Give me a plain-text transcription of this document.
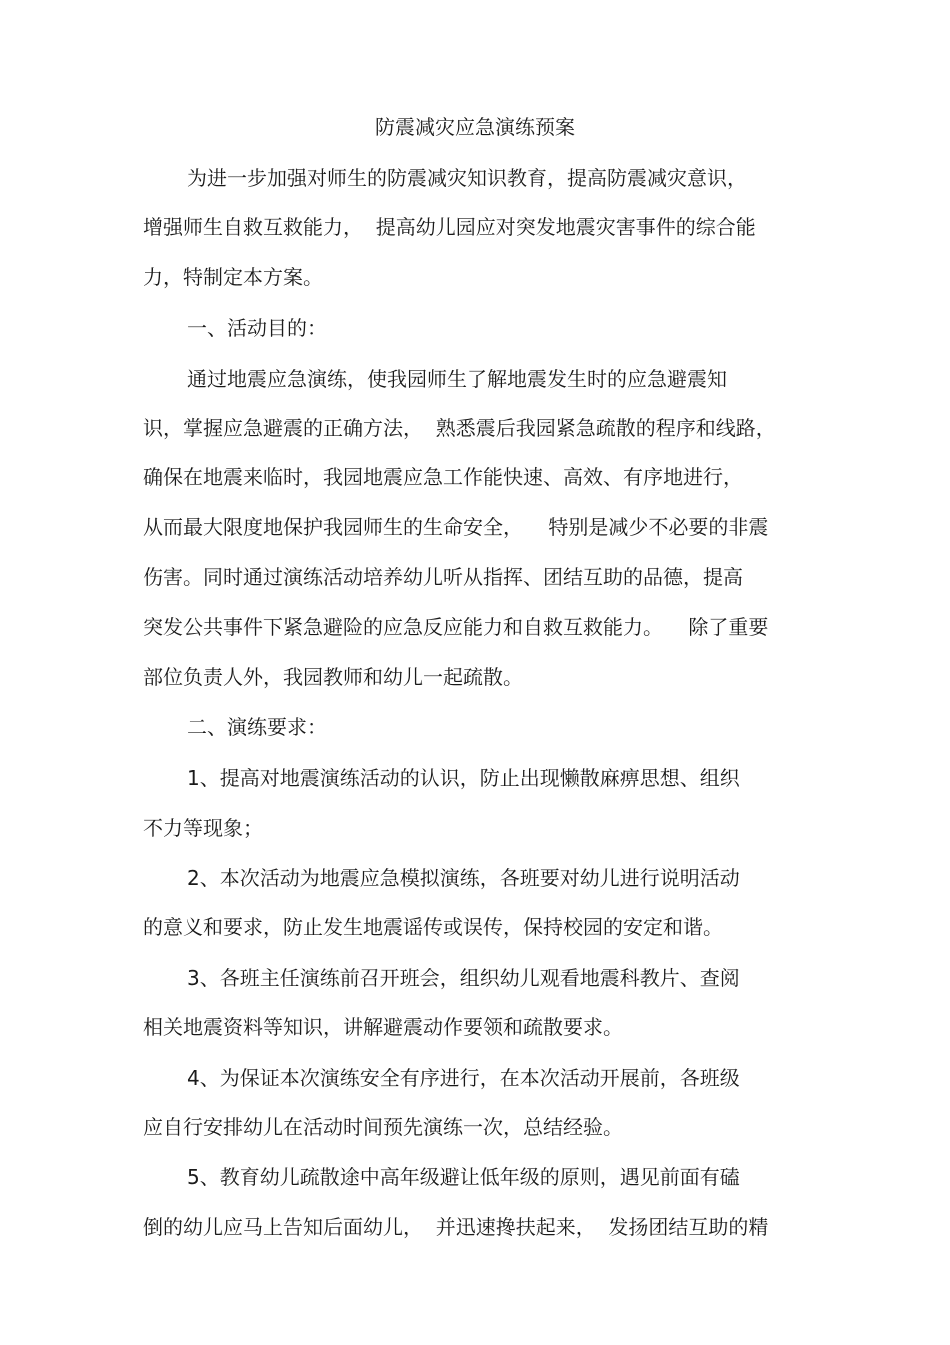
防震减灾应急演练预案
为进一步加强对师生的防震减灾知识教育，提高防震减灾意识，
增强师生自救互救能力，  提高幼儿园应对突发地震灾害事件的综合能
力，特制定本方案。
一、活动目的：
通过地震应急演练，使我园师生了解地震发生时的应急避震知
识，掌握应急避震的正确方法，  熟悉震后我园紧急疏散的程序和线路，
确保在地震来临时，我园地震应急工作能快速、高效、有序地进行，
从而最大限度地保护我园师生的生命安全，    特别是减少不必要的非震
伤害。同时通过演练活动培养幼儿听从指挥、团结互助的品德，提高
突发公共事件下紧急避险的应急反应能力和自救互救能力。    除了重要
部位负责人外，我园教师和幼儿一起疏散。
二、演练要求：
1、提高对地震演练活动的认识，防止出现懒散麻痹思想、组织
不力等现象；
2、本次活动为地震应急模拟演练，各班要对幼儿进行说明活动
的意义和要求，防止发生地震谣传或误传，保持校园的安定和谐。
3、各班主任演练前召开班会，组织幼儿观看地震科教片、查阅
相关地震资料等知识，讲解避震动作要领和疏散要求。
4、为保证本次演练安全有序进行，在本次活动开展前，各班级
应自行安排幼儿在活动时间预先演练一次，总结经验。
5、教育幼儿疏散途中高年级避让低年级的原则，遇见前面有磕
倒的幼儿应马上告知后面幼儿，  并迅速搀扶起来，  发扬团结互助的精
